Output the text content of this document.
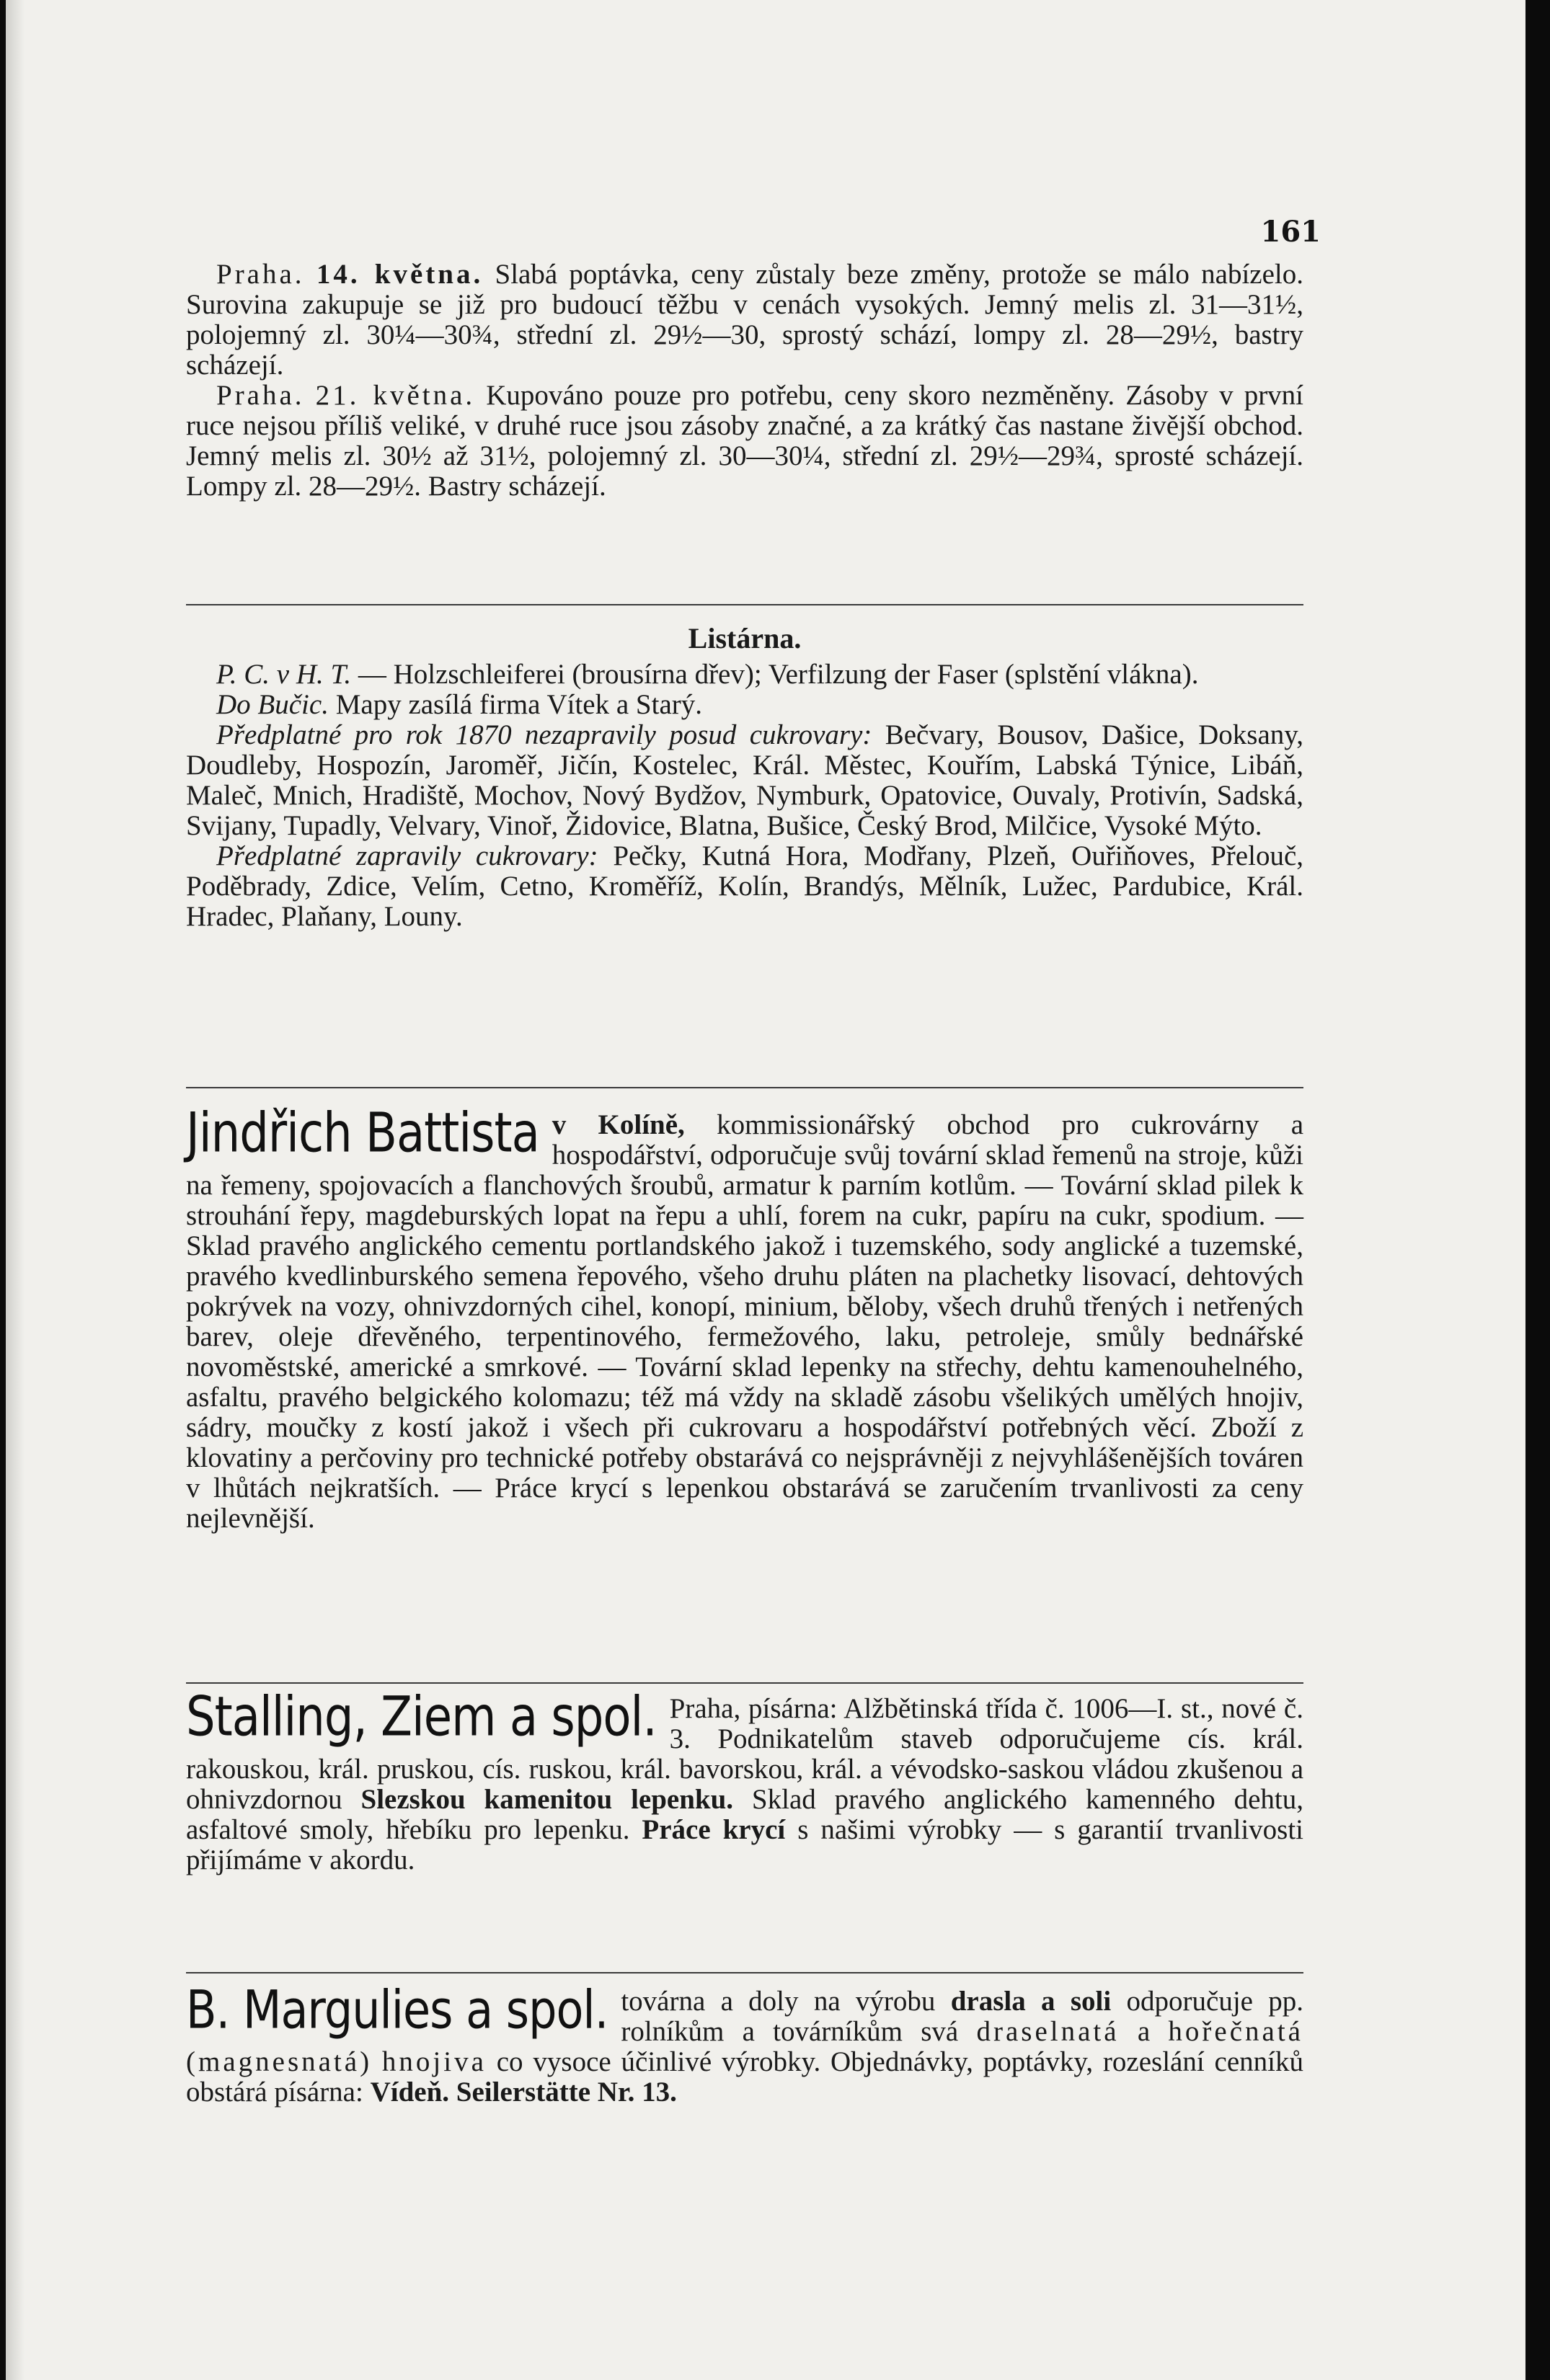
161

Praha. 14. května. Slabá poptávka, ceny zůstaly beze změny, protože se málo nabízelo. Surovina zakupuje se již pro budoucí těžbu v cenách vysokých. Jemný melis zl. 31—31½, polojemný zl. 30¼—30¾, střední zl. 29½—30, sprostý schází, lompy zl. 28—29½, bastry scházejí.

Praha. 21. května. Kupováno pouze pro potřebu, ceny skoro nezměněny. Zásoby v první ruce nejsou příliš veliké, v druhé ruce jsou zásoby značné, a za krátký čas nastane živější obchod. Jemný melis zl. 30½ až 31½, polojemný zl. 30—30¼, střední zl. 29½—29¾, sprosté scházejí. Lompy zl. 28—29½. Bastry scházejí.

Listárna.

P. C. v H. T. — Holzschleiferei (brousírna dřev); Verfilzung der Faser (splstění vlákna).

Do Bučic. Mapy zasílá firma Vítek a Starý.

Předplatné pro rok 1870 nezapravily posud cukrovary: Bečvary, Bousov, Dašice, Doksany, Doudleby, Hospozín, Jaroměř, Jičín, Kostelec, Král. Městec, Kouřím, Labská Týnice, Libáň, Maleč, Mnich, Hradiště, Mochov, Nový Bydžov, Nymburk, Opatovice, Ouvaly, Protivín, Sadská, Svijany, Tupadly, Velvary, Vinoř, Židovice, Blatna, Bušice, Český Brod, Milčice, Vysoké Mýto.

Předplatné zapravily cukrovary: Pečky, Kutná Hora, Modřany, Plzeň, Ouřiňoves, Přelouč, Poděbrady, Zdice, Velím, Cetno, Kroměříž, Kolín, Brandýs, Mělník, Lužec, Pardubice, Král. Hradec, Plaňany, Louny.

Jindřich Battista v Kolíně, kommissionářský obchod pro cukrovárny a hospodářství, odporučuje svůj tovární sklad řemenů na stroje, kůži na řemeny, spojovacích a flanchových šroubů, armatur k parním kotlům. — Tovární sklad pilek k strouhání řepy, magdeburských lopat na řepu a uhlí, forem na cukr, papíru na cukr, spodium. — Sklad pravého anglického cementu portlandského jakož i tuzemského, sody anglické a tuzemské, pravého kvedlinburského semena řepového, všeho druhu pláten na plachetky lisovací, dehtových pokrývek na vozy, ohnivzdorných cihel, konopí, minium, běloby, všech druhů třených i netřených barev, oleje dřevěného, terpentinového, fermežového, laku, petroleje, smůly bednářské novoměstské, americké a smrkové. — Tovární sklad lepenky na střechy, dehtu kamenouhelného, asfaltu, pravého belgického kolomazu; též má vždy na skladě zásobu všelikých umělých hnojiv, sádry, moučky z kostí jakož i všech při cukrovaru a hospodářství potřebných věcí. Zboží z klovatiny a perčoviny pro technické potřeby obstarává co nejsprávněji z nejvyhlášenějších továren v lhůtách nejkratších. — Práce krycí s lepenkou obstarává se zaručením trvanlivosti za ceny nejlevnější.

Stalling, Ziem a spol. Praha, písárna: Alžbětinská třída č. 1006—I. st., nové č. 3. Podnikatelům staveb odporučujeme cís. král. rakouskou, král. pruskou, cís. ruskou, král. bavorskou, král. a vévodsko-saskou vládou zkušenou a ohnivzdornou Slezskou kamenitou lepenku. Sklad pravého anglického kamenného dehtu, asfaltové smoly, hřebíku pro lepenku. Práce krycí s našimi výrobky — s garantií trvanlivosti přijímáme v akordu.

B. Margulies a spol. továrna a doly na výrobu drasla a soli odporučuje pp. rolníkům a továrníkům svá draselnatá a hořečnatá (magnesnatá) hnojiva co vysoce účinlivé výrobky. Objednávky, poptávky, rozeslání cenníků obstárá písárna: Vídeň. Seilerstätte Nr. 13.
